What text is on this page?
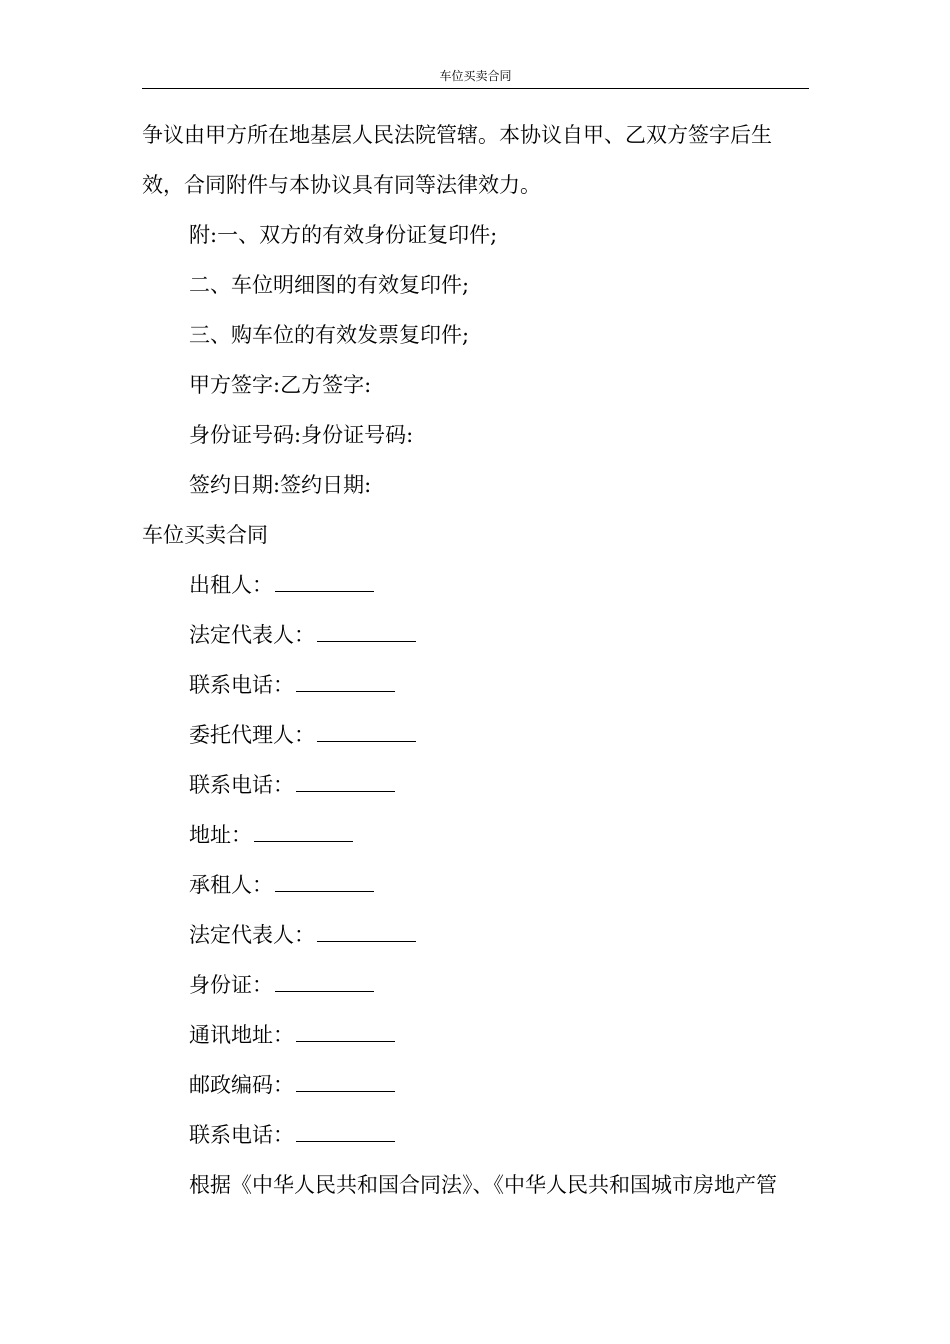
车位买卖合同
争议由甲方所在地基层人民法院管辖。本协议自甲、乙双方签字后生
效，合同附件与本协议具有同等法律效力。
附:一、双方的有效身份证复印件;
二、车位明细图的有效复印件;
三、购车位的有效发票复印件;
甲方签字:乙方签字:
身份证号码:身份证号码:
签约日期:签约日期:
车位买卖合同
出租人：
法定代表人：
联系电话：
委托代理人：
联系电话：
地址：
承租人：
法定代表人：
身份证：
通讯地址：
邮政编码：
联系电话：
根据《中华人民共和国合同法》、《中华人民共和国城市房地产管
